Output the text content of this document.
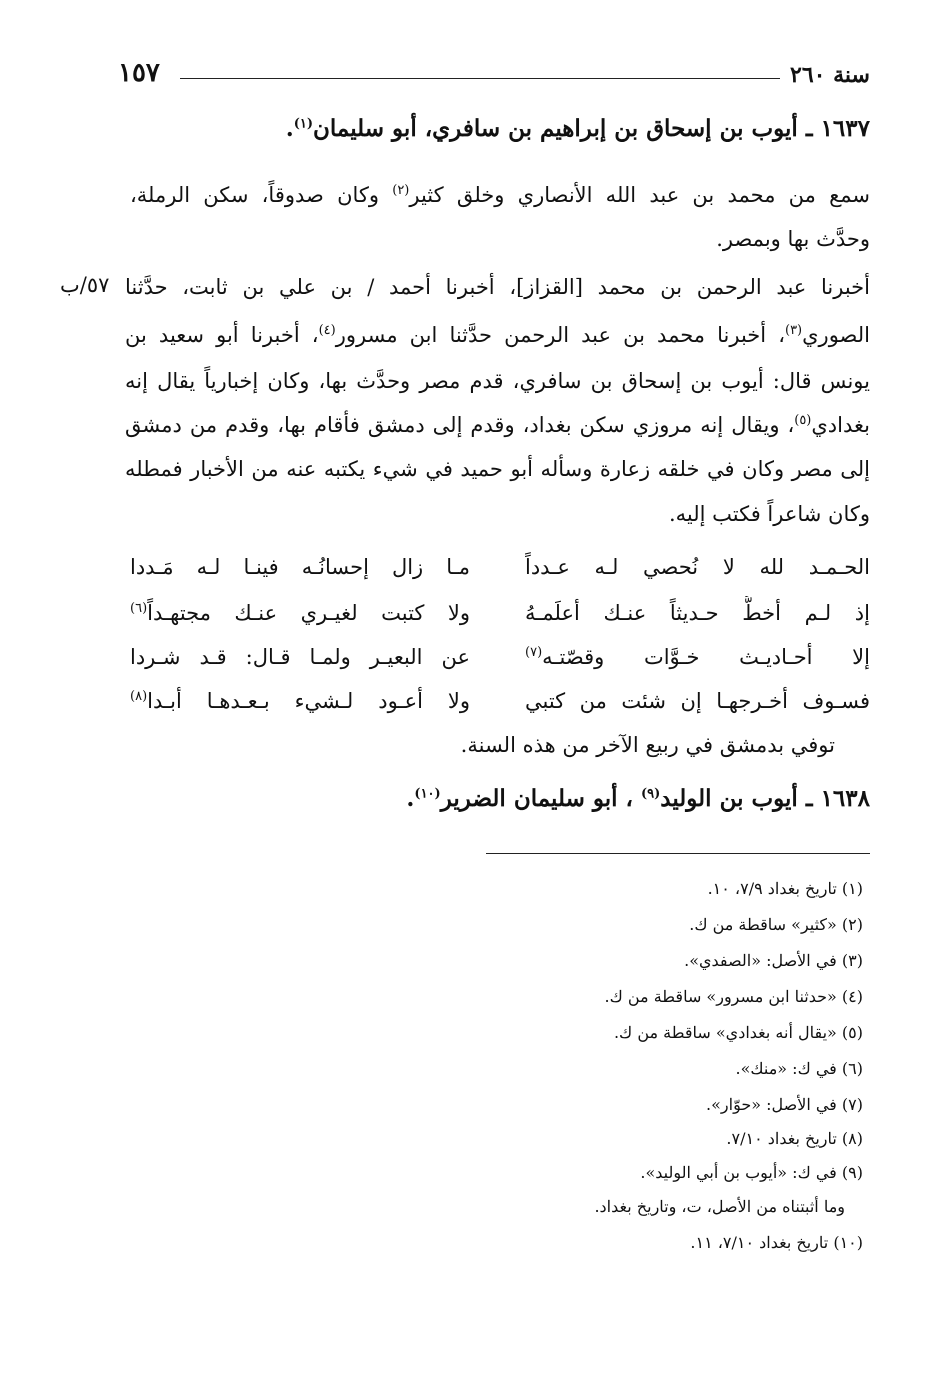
سنة ٢٦٠
١٥٧
١٦٣٧ ـ أيوب بن إسحاق بن إبراهيم بن سافري، أبو سليمان$^{(١)}$.
سمع من محمد بن عبد الله الأنصاري وخلق كثير$^{(٢)}$ وكان صدوقاً، سكن الرملة،
وحدَّث بها وبمصر.
٥٧/ب أخبرنا عبد الرحمن بن محمد [القزاز]، أخبرنا أحمد / بن علي بن ثابت، حدَّثنا
الصوري$^{(٣)}$، أخبرنا محمد بن عبد الرحمن حدَّثنا ابن مسرور$^{(٤)}$، أخبرنا أبو سعيد بن
يونس قال: أيوب بن إسحاق بن سافري، قدم مصر وحدَّث بها، وكان إخبارياً يقال إنه
بغدادي$^{(٥)}$، ويقال إنه مروزي سكن بغداد، وقدم إلى دمشق فأقام بها، وقدم من دمشق
إلى مصر وكان في خلقه زعارة وسأله أبو حميد في شيء يكتبه عنه من الأخبار فمطله
وكان شاعراً فكتب إليه.
الحـمـد لله لا نُحصي لـه عـدداً
مـا زال إحسانُـه فينـا لـه مَـددا
إذ لـم أخطُّ حـديثاً عنـك أعلَمـهُ
ولا كتبت لغيـري عنـك مجتهـداً$^{(٦)}$
إلا أحـاديـث خـوَّات وقصّتـه$^{(٧)}$
عن البعيـر ولمـا قـال: قـد شـردا
فسـوف أخـرجهـا إن شئت من كتبي
ولا أعـود لـشيء بـعـدهـا أبـدا$^{(٨)}$
توفي بدمشق في ربيع الآخر من هذه السنة.
١٦٣٨ ـ أيوب بن الوليد$^{(٩)}$ ، أبو سليمان الضرير$^{(١٠)}$.
(١) تاريخ بغداد ٧/٩، ١٠.
(٢) «كثير» ساقطة من ك.
(٣) في الأصل: «الصفدي».
(٤) «حدثنا ابن مسرور» ساقطة من ك.
(٥) «يقال أنه بغدادي» ساقطة من ك.
(٦) في ك: «منك».
(٧) في الأصل: «حوّار».
(٨) تاريخ بغداد ٧/١٠.
(٩) في ك: «أيوب بن أبي الوليد».
وما أثبتناه من الأصل، ت، وتاريخ بغداد.
(١٠) تاريخ بغداد ٧/١٠، ١١.
